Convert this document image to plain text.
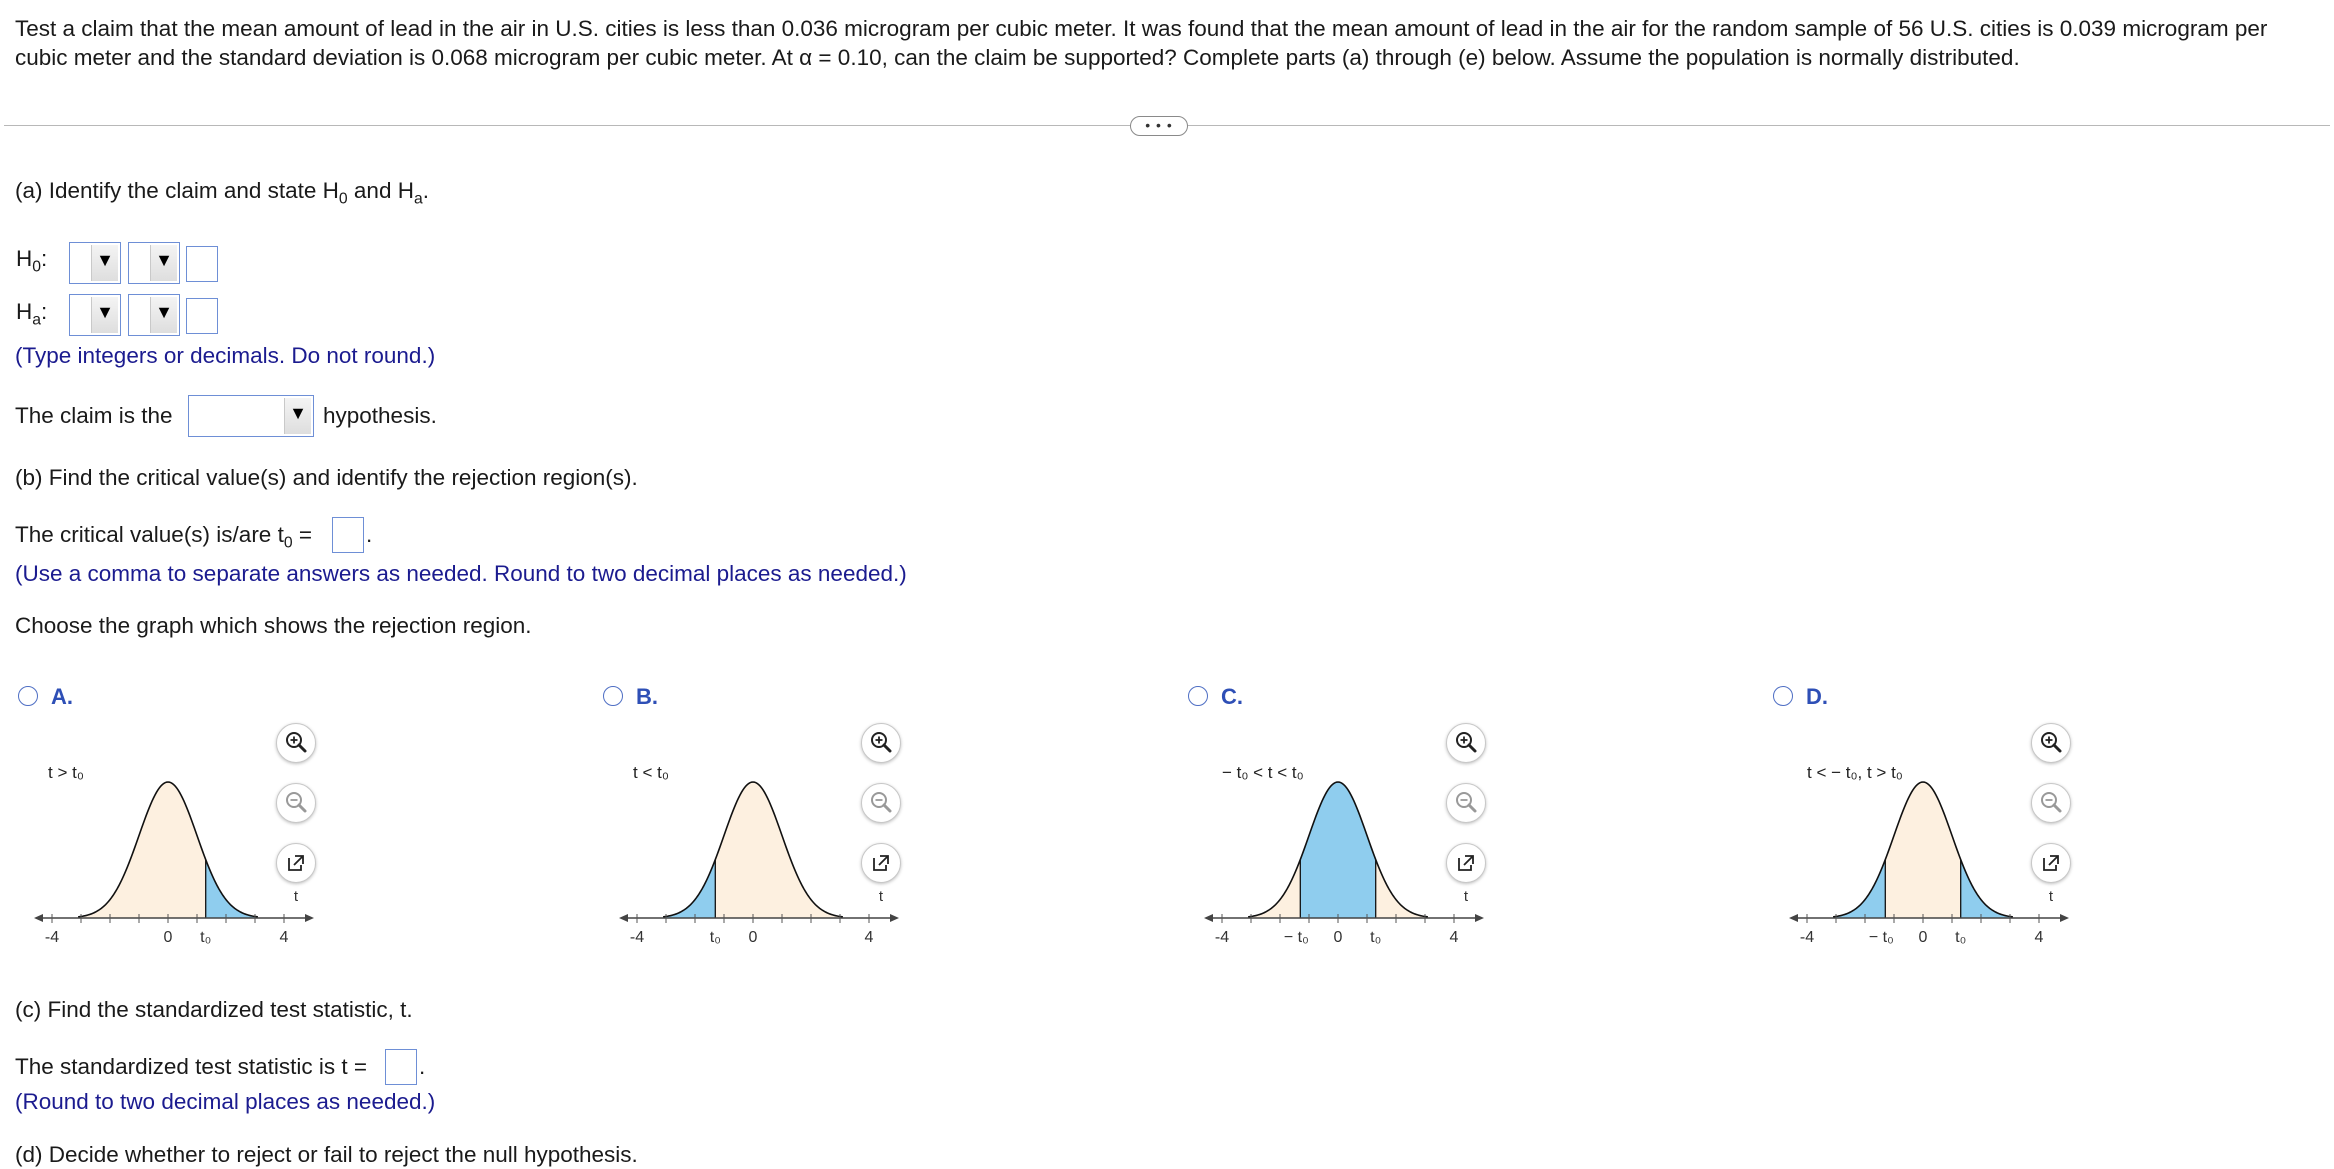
Test a claim that the mean amount of lead in the air in U.S. cities is less than 0.036 microgram per cubic meter. It was found that the mean amount of lead in the air for the random sample of 56 U.S. cities is 0.039 microgram per cubic meter and the standard deviation is 0.068 microgram per cubic meter. At α = 0.10, can the claim be supported? Complete parts (a) through (e) below. Assume the population is normally distributed.
• • •
(a) Identify the claim and state $H_0$ and $H_a$.
$H_0$:	▼ ▼
$H_a$:	▼ ▼
(Type integers or decimals. Do not round.)
The claim is the	▼ hypothesis.
(b) Find the critical value(s) and identify the rejection region(s).
The critical value(s) is/are $t_0$ = .
(Use a comma to separate answers as needed. Round to two decimal places as needed.)
Choose the graph which shows the rejection region.
A.
-4	4
t
0 t₀
t > t₀
B.
-4	4
t
t₀ 0
t < t₀
C.
-4	4
t
− t₀ 0 t₀
− t₀ < t < t₀
D.
-4	4
t
− t₀ 0 t₀
t < − t₀, t > t₀
(c) Find the standardized test statistic, t.
The standardized test statistic is t = .
(Round to two decimal places as needed.)
(d) Decide whether to reject or fail to reject the null hypothesis.
